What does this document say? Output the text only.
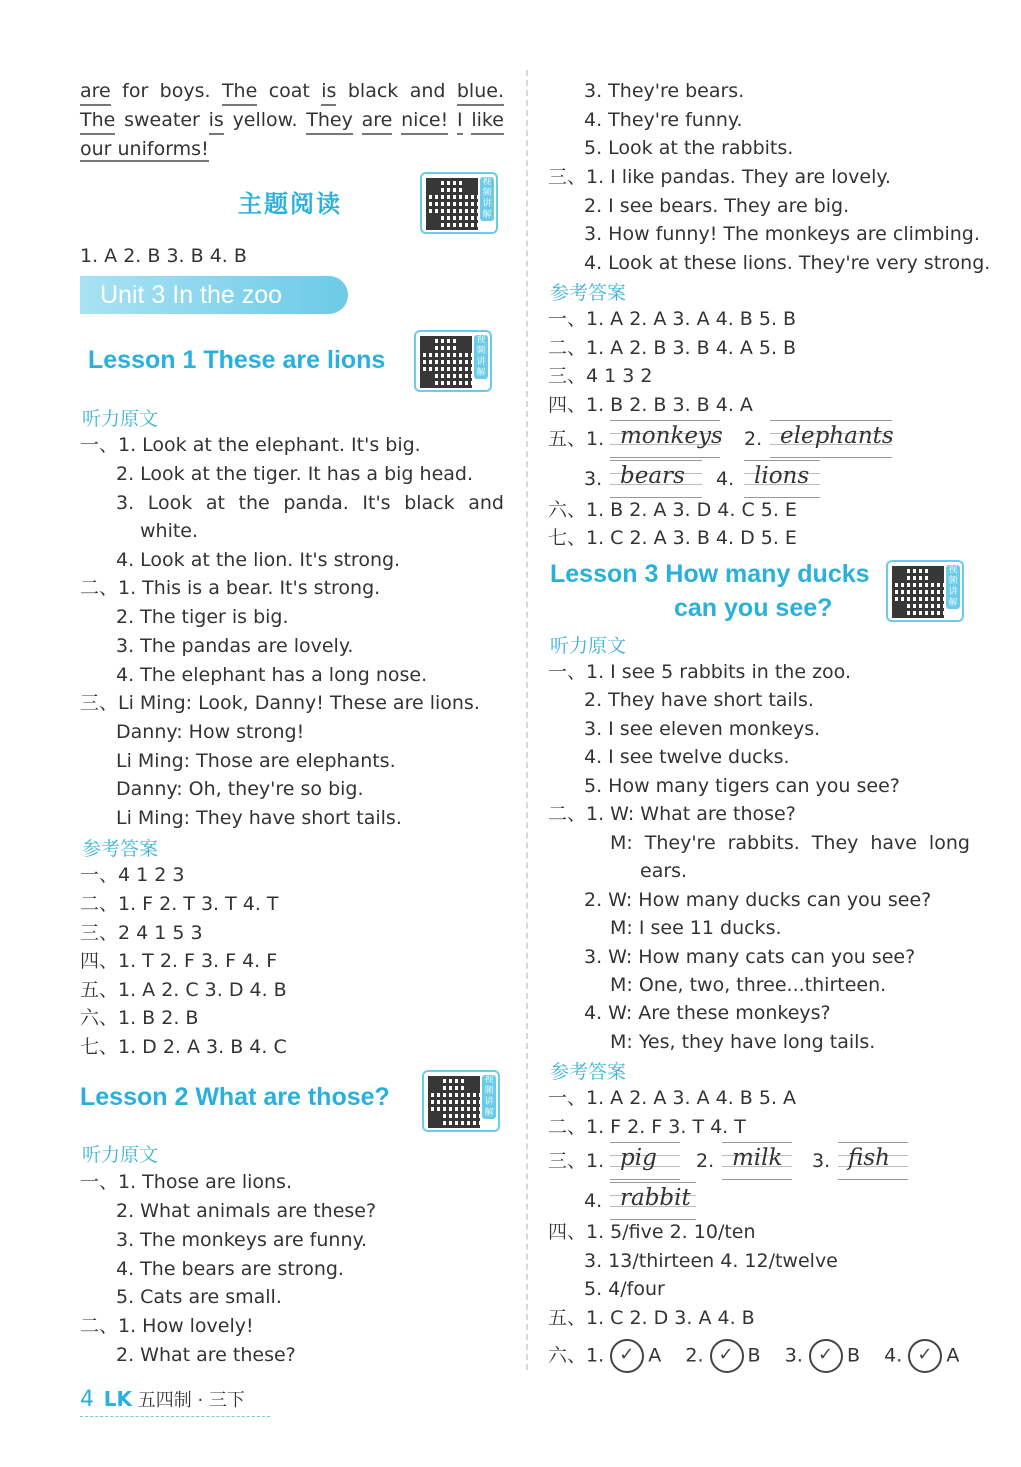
are for boys. The coat is black and blue.
The sweater is yellow. They are nice! I like
our uniforms!
主题阅读
视频讲解
1. A 2. B 3. B 4. B
Unit 3 In the zoo
Lesson 1 These are lions
视频讲解
听力原文
一、1. Look at the elephant. It's big.
2. Look at the tiger. It has a big head.
3. Look at the panda. It's black and
white.
4. Look at the lion. It's strong.
二、1. This is a bear. It's strong.
2. The tiger is big.
3. The pandas are lovely.
4. The elephant has a long nose.
三、Li Ming: Look, Danny! These are lions.
Danny: How strong!
Li Ming: Those are elephants.
Danny: Oh, they're so big.
Li Ming: They have short tails.
参考答案
一、4 1 2 3
二、1. F 2. T 3. T 4. T
三、2 4 1 5 3
四、1. T 2. F 3. F 4. F
五、1. A 2. C 3. D 4. B
六、1. B 2. B
七、1. D 2. A 3. B 4. C
Lesson 2 What are those?
视频讲解
听力原文
一、1. Those are lions.
2. What animals are these?
3. The monkeys are funny.
4. The bears are strong.
5. Cats are small.
二、1. How lovely!
2. What are these?
3. They're bears.
4. They're funny.
5. Look at the rabbits.
三、1. I like pandas. They are lovely.
2. I see bears. They are big.
3. How funny! The monkeys are climbing.
4. Look at these lions. They're very strong.
参考答案
一、1. A 2. A 3. A 4. B 5. B
二、1. A 2. B 3. B 4. A 5. B
三、4 1 3 2
四、1. B 2. B 3. B 4. A
五、1. monkeys 2. elephants
3. bears 4. lions
六、1. B 2. A 3. D 4. C 5. E
七、1. C 2. A 3. B 4. D 5. E
Lesson 3 How many ducks
can you see?
视频讲解
听力原文
一、1. I see 5 rabbits in the zoo.
2. They have short tails.
3. I see eleven monkeys.
4. I see twelve ducks.
5. How many tigers can you see?
二、1. W: What are those?
M: They're rabbits. They have long
ears.
2. W: How many ducks can you see?
M: I see 11 ducks.
3. W: How many cats can you see?
M: One, two, three...thirteen.
4. W: Are these monkeys?
M: Yes, they have long tails.
参考答案
一、1. A 2. A 3. A 4. B 5. A
二、1. F 2. F 3. T 4. T
三、1. pig 2. milk 3. fish
4. rabbit
四、1. 5/five 2. 10/ten
3. 13/thirteen 4. 12/twelve
5. 4/four
五、1. C 2. D 3. A 4. B
六、1. ✓ A 2. ✓ B 3. ✓ B 4. ✓ A
4 LK 五四制 · 三下
